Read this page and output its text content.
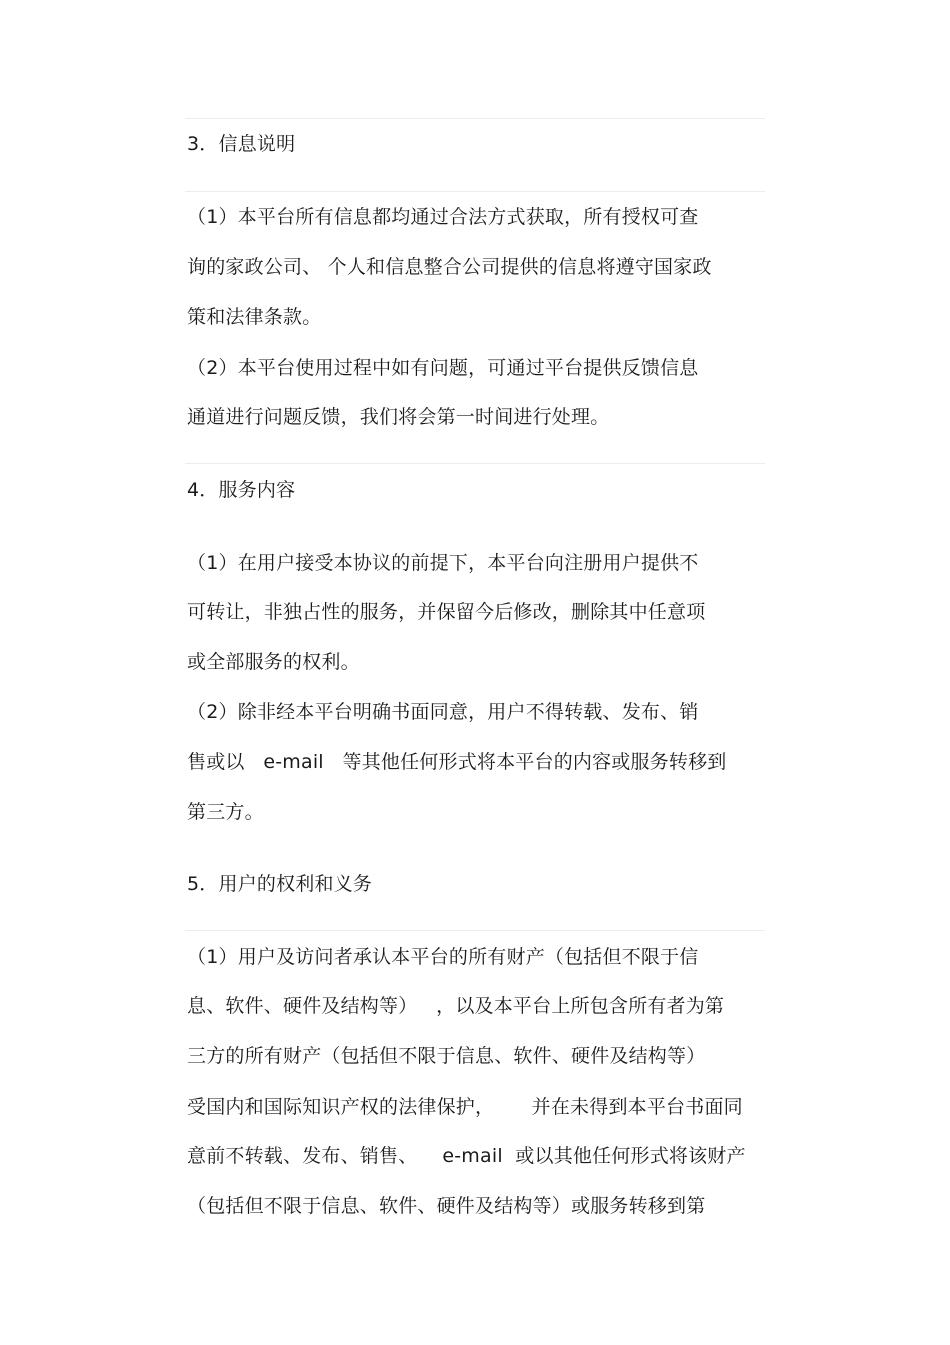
3．信息说明
（1）本平台所有信息都均通过合法方式获取，所有授权可查
询的家政公司、 个人和信息整合公司提供的信息将遵守国家政
策和法律条款。
（2）本平台使用过程中如有问题，可通过平台提供反馈信息
通道进行问题反馈，我们将会第一时间进行处理。
4．服务内容
（1）在用户接受本协议的前提下，本平台向注册用户提供不
可转让，非独占性的服务，并保留今后修改，删除其中任意项
或全部服务的权利。
（2）除非经本平台明确书面同意，用户不得转载、发布、销
售或以   e-mail   等其他任何形式将本平台的内容或服务转移到
第三方。
5．用户的权利和义务
（1）用户及访问者承认本平台的所有财产（包括但不限于信
息、软件、硬件及结构等）   ，以及本平台上所包含所有者为第
三方的所有财产（包括但不限于信息、软件、硬件及结构等）
受国内和国际知识产权的法律保护，      并在未得到本平台书面同
意前不转载、发布、销售、    e-mail  或以其他任何形式将该财产
（包括但不限于信息、软件、硬件及结构等）或服务转移到第
